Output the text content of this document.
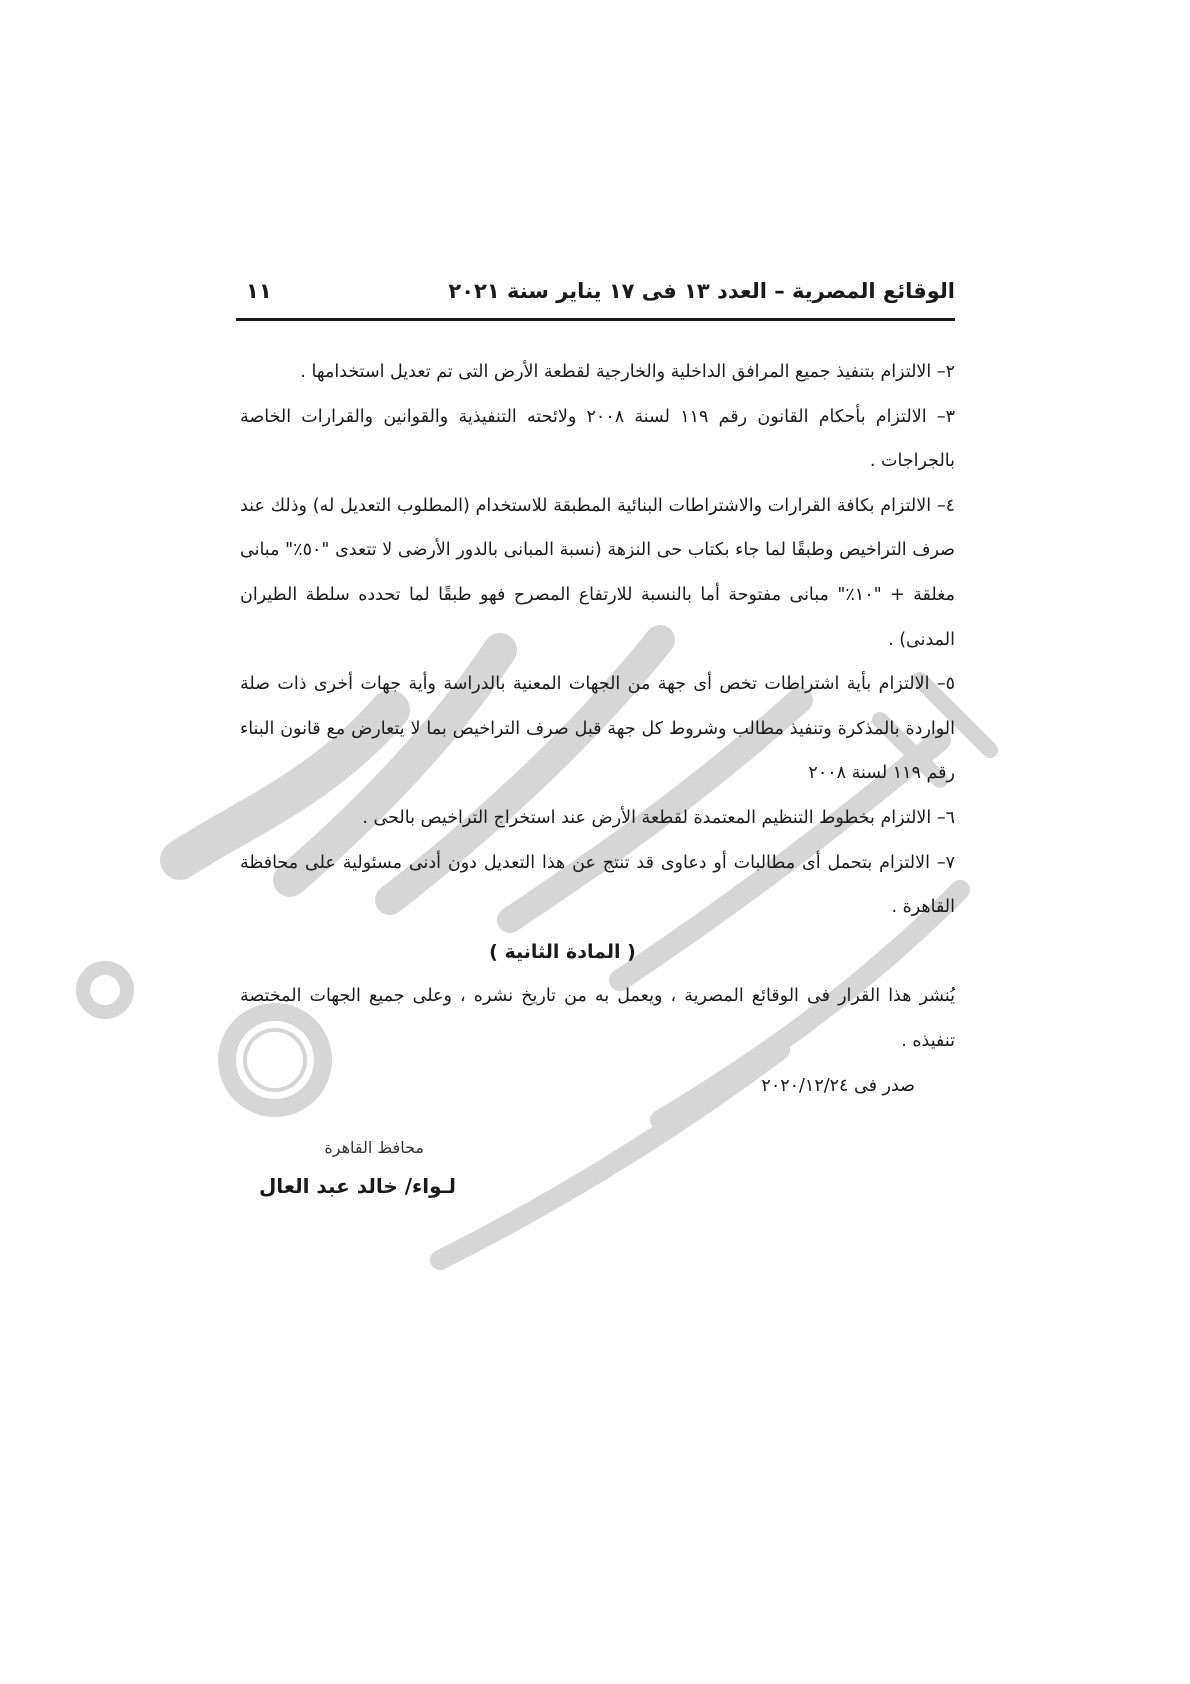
الوقائع المصرية – العدد ١٣ فى ١٧ يناير سنة ٢٠٢١
١١

٢– الالتزام بتنفيذ جميع المرافق الداخلية والخارجية لقطعة الأرض التى تم تعديل استخدامها .

٣– الالتزام بأحكام القانون رقم ١١٩ لسنة ٢٠٠٨ ولائحته التنفيذية والقوانين والقرارات الخاصة بالجراجات .

٤– الالتزام بكافة القرارات والاشتراطات البنائية المطبقة للاستخدام (المطلوب التعديل له) وذلك عند صرف التراخيص وطبقًا لما جاء بكتاب حى النزهة (نسبة المبانى بالدور الأرضى لا تتعدى "٥٠٪" مبانى مغلقة + "١٠٪" مبانى مفتوحة أما بالنسبة للارتفاع المصرح فهو طبقًا لما تحدده سلطة الطيران المدنى) .

٥– الالتزام بأية اشتراطات تخص أى جهة من الجهات المعنية بالدراسة وأية جهات أخرى ذات صلة الواردة بالمذكرة وتنفيذ مطالب وشروط كل جهة قبل صرف التراخيص بما لا يتعارض مع قانون البناء رقم ١١٩ لسنة ٢٠٠٨

٦– الالتزام بخطوط التنظيم المعتمدة لقطعة الأرض عند استخراج التراخيص بالحى .

٧– الالتزام بتحمل أى مطالبات أو دعاوى قد تنتج عن هذا التعديل دون أدنى مسئولية على محافظة القاهرة .

( المادة الثانية )

يُنشر هذا القرار فى الوقائع المصرية ، ويعمل به من تاريخ نشره ، وعلى جميع الجهات المختصة تنفيذه .

صدر فى ٢٠٢٠/١٢/٢٤

محافظ القاهرة
لـواء/ خالد عبد العال
